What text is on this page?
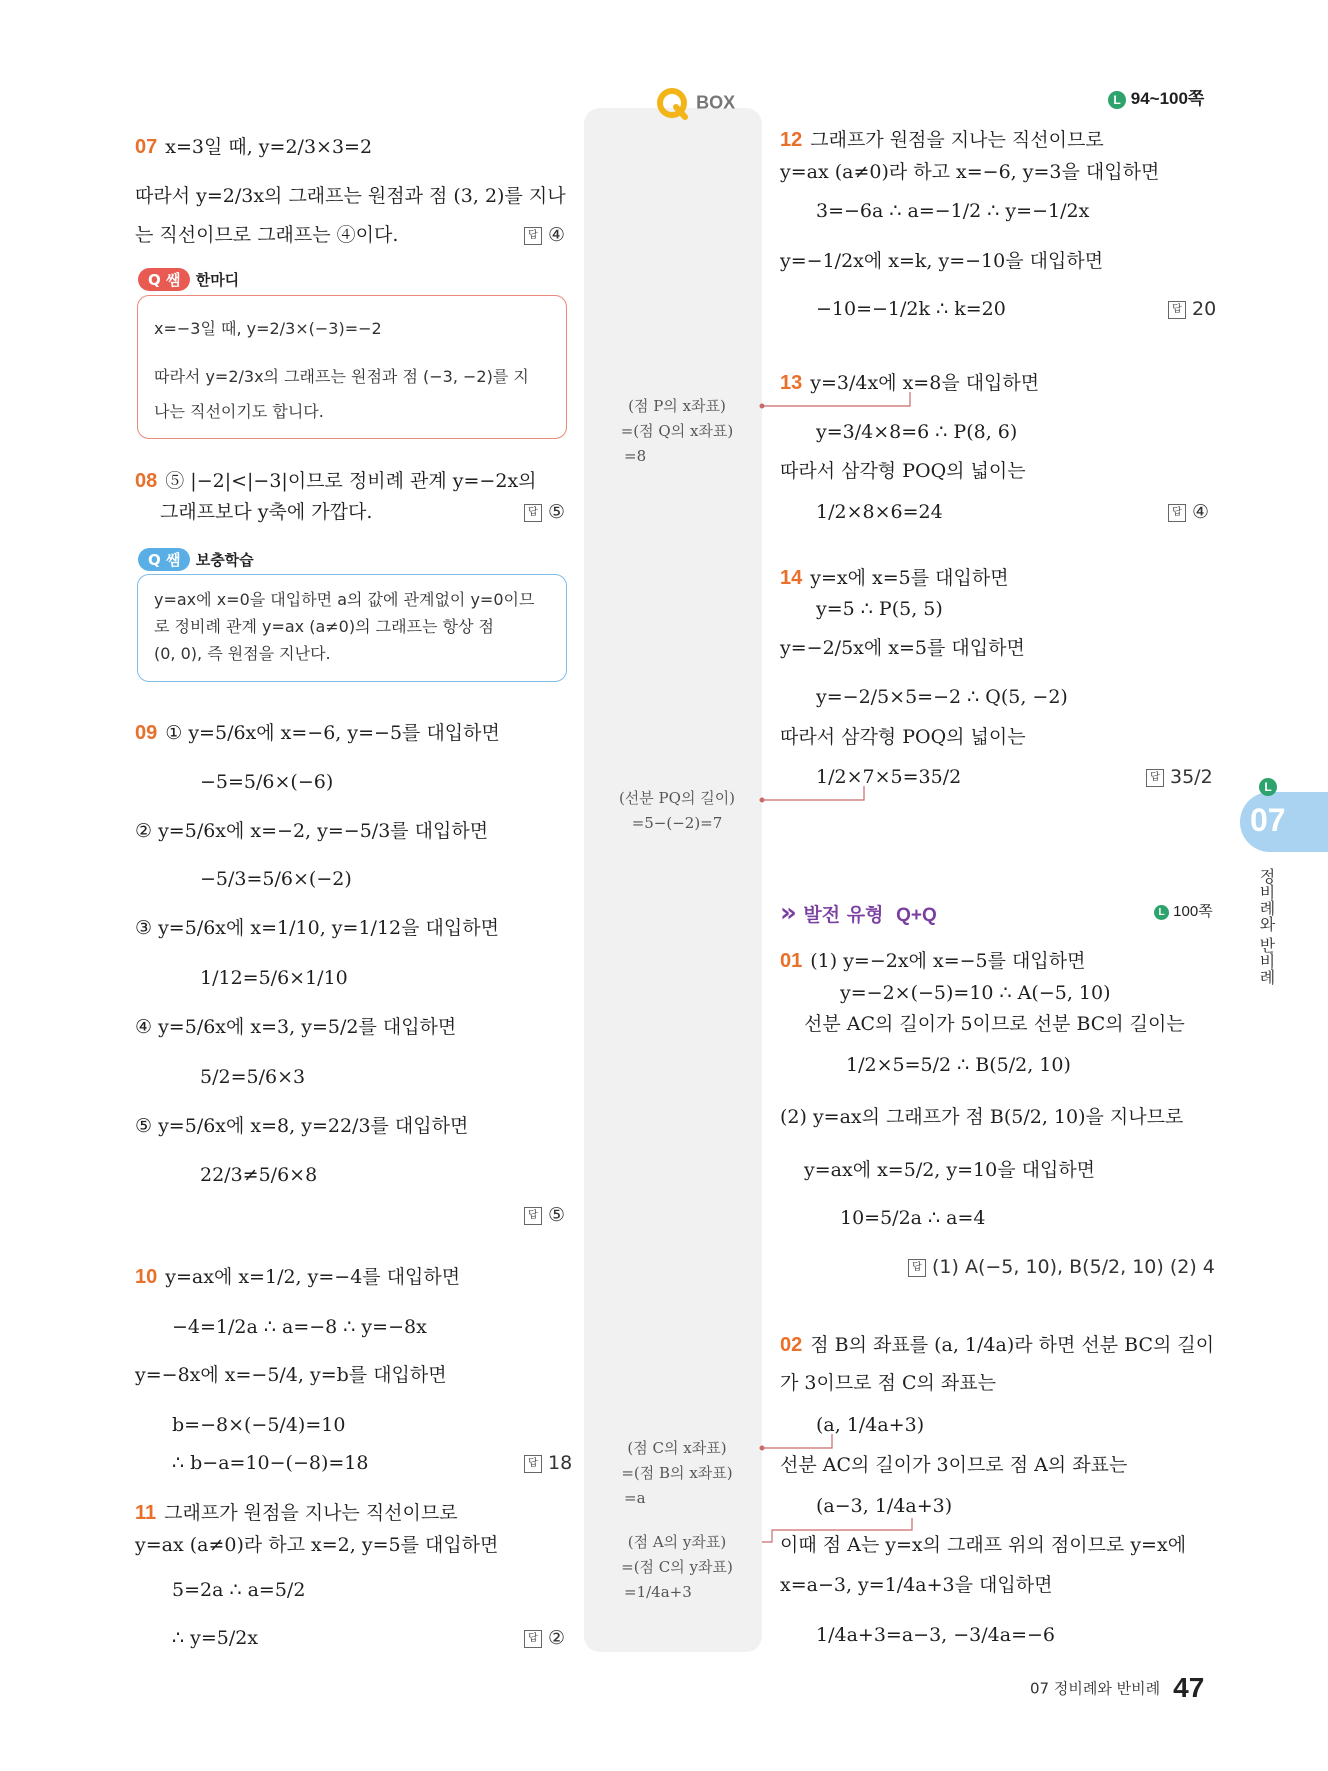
BOX	L 94~100쪽
07 x=3일 때, y=2/3×3=2
따라서 y=2/3x의 그래프는 원점과 점 (3, 2)를 지나
는 직선이므로 그래프는 ④이다.	답 ④
Q 쌤 한마디
x=−3일 때, y=2/3×(−3)=−2
따라서 y=2/3x의 그래프는 원점과 점 (−3, −2)를 지
나는 직선이기도 합니다.
08 ⑤ |−2|<|−3|이므로 정비례 관계 y=−2x의
그래프보다 y축에 가깝다.	답 ⑤
Q 쌤 보충학습
y=ax에 x=0을 대입하면 a의 값에 관계없이 y=0이므
로 정비례 관계 y=ax (a≠0)의 그래프는 항상 점
(0, 0), 즉 원점을 지난다.
09 ① y=5/6x에 x=−6, y=−5를 대입하면
−5=5/6×(−6)
② y=5/6x에 x=−2, y=−5/3를 대입하면
−5/3=5/6×(−2)
③ y=5/6x에 x=1/10, y=1/12을 대입하면
1/12=5/6×1/10
④ y=5/6x에 x=3, y=5/2를 대입하면
5/2=5/6×3
⑤ y=5/6x에 x=8, y=22/3를 대입하면
22/3≠5/6×8
답 ⑤
10 y=ax에 x=1/2, y=−4를 대입하면
−4=1/2a ∴ a=−8 ∴ y=−8x
y=−8x에 x=−5/4, y=b를 대입하면
b=−8×(−5/4)=10
∴ b−a=10−(−8)=18	답 18
11 그래프가 원점을 지나는 직선이므로
y=ax (a≠0)라 하고 x=2, y=5를 대입하면
5=2a ∴ a=5/2
∴ y=5/2x	답 ②
(점 P의 x좌표)
=(점 Q의 x좌표)
=8
(선분 PQ의 길이)
=5−(−2)=7
(점 C의 x좌표)
=(점 B의 x좌표)
=a
(점 A의 y좌표)
=(점 C의 y좌표)
=1/4a+3
12 그래프가 원점을 지나는 직선이므로
y=ax (a≠0)라 하고 x=−6, y=3을 대입하면
3=−6a ∴ a=−1/2 ∴ y=−1/2x
y=−1/2x에 x=k, y=−10을 대입하면
−10=−1/2k ∴ k=20	답 20
13 y=3/4x에 x=8을 대입하면
y=3/4×8=6 ∴ P(8, 6)
따라서 삼각형 POQ의 넓이는
1/2×8×6=24	답 ④
14 y=x에 x=5를 대입하면
y=5 ∴ P(5, 5)
y=−2/5x에 x=5를 대입하면
y=−2/5×5=−2 ∴ Q(5, −2)
따라서 삼각형 POQ의 넓이는
1/2×7×5=35/2	답 35/2
» 발전 유형 Q+Q	L 100쪽
01 (1) y=−2x에 x=−5를 대입하면
y=−2×(−5)=10 ∴ A(−5, 10)
선분 AC의 길이가 5이므로 선분 BC의 길이는
1/2×5=5/2 ∴ B(5/2, 10)
(2) y=ax의 그래프가 점 B(5/2, 10)을 지나므로
y=ax에 x=5/2, y=10을 대입하면
10=5/2a ∴ a=4
답 (1) A(−5, 10), B(5/2, 10) (2) 4
02 점 B의 좌표를 (a, 1/4a)라 하면 선분 BC의 길이
가 3이므로 점 C의 좌표는
(a, 1/4a+3)
선분 AC의 길이가 3이므로 점 A의 좌표는
(a−3, 1/4a+3)
이때 점 A는 y=x의 그래프 위의 점이므로 y=x에
x=a−3, y=1/4a+3을 대입하면
1/4a+3=a−3, −3/4a=−6
L
07
정비례와 반비례
07 정비례와 반비례 47
